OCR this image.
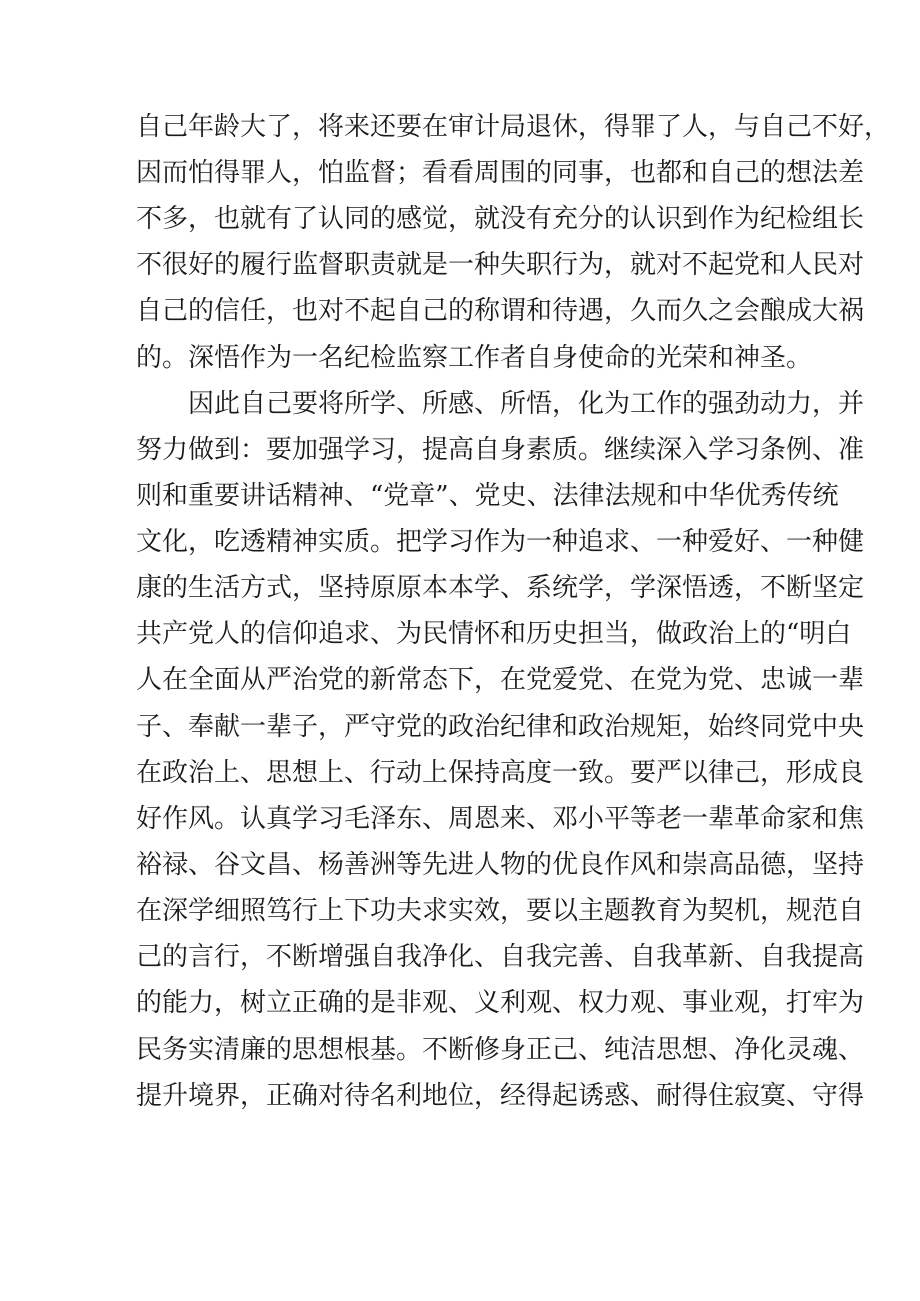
自己年龄大了，将来还要在审计局退休，得罪了人，与自己不好，
因而怕得罪人，怕监督；看看周围的同事，也都和自己的想法差
不多，也就有了认同的感觉，就没有充分的认识到作为纪检组长
不很好的履行监督职责就是一种失职行为，就对不起党和人民对
自己的信任，也对不起自己的称谓和待遇，久而久之会酿成大祸
的。深悟作为一名纪检监察工作者自身使命的光荣和神圣。
因此自己要将所学、所感、所悟，化为工作的强劲动力，并
努力做到：要加强学习，提高自身素质。继续深入学习条例、准
则和重要讲话精神、“党章”、党史、法律法规和中华优秀传统
文化，吃透精神实质。把学习作为一种追求、一种爱好、一种健
康的生活方式，坚持原原本本学、系统学，学深悟透，不断坚定
共产党人的信仰追求、为民情怀和历史担当，做政治上的“明白
人在全面从严治党的新常态下，在党爱党、在党为党、忠诚一辈
子、奉献一辈子，严守党的政治纪律和政治规矩，始终同党中央
在政治上、思想上、行动上保持高度一致。要严以律己，形成良
好作风。认真学习毛泽东、周恩来、邓小平等老一辈革命家和焦
裕禄、谷文昌、杨善洲等先进人物的优良作风和崇高品德，坚持
在深学细照笃行上下功夫求实效，要以主题教育为契机，规范自
己的言行，不断增强自我净化、自我完善、自我革新、自我提高
的能力，树立正确的是非观、义利观、权力观、事业观，打牢为
民务实清廉的思想根基。不断修身正己、纯洁思想、净化灵魂、
提升境界，正确对待名利地位，经得起诱惑、耐得住寂寞、守得
